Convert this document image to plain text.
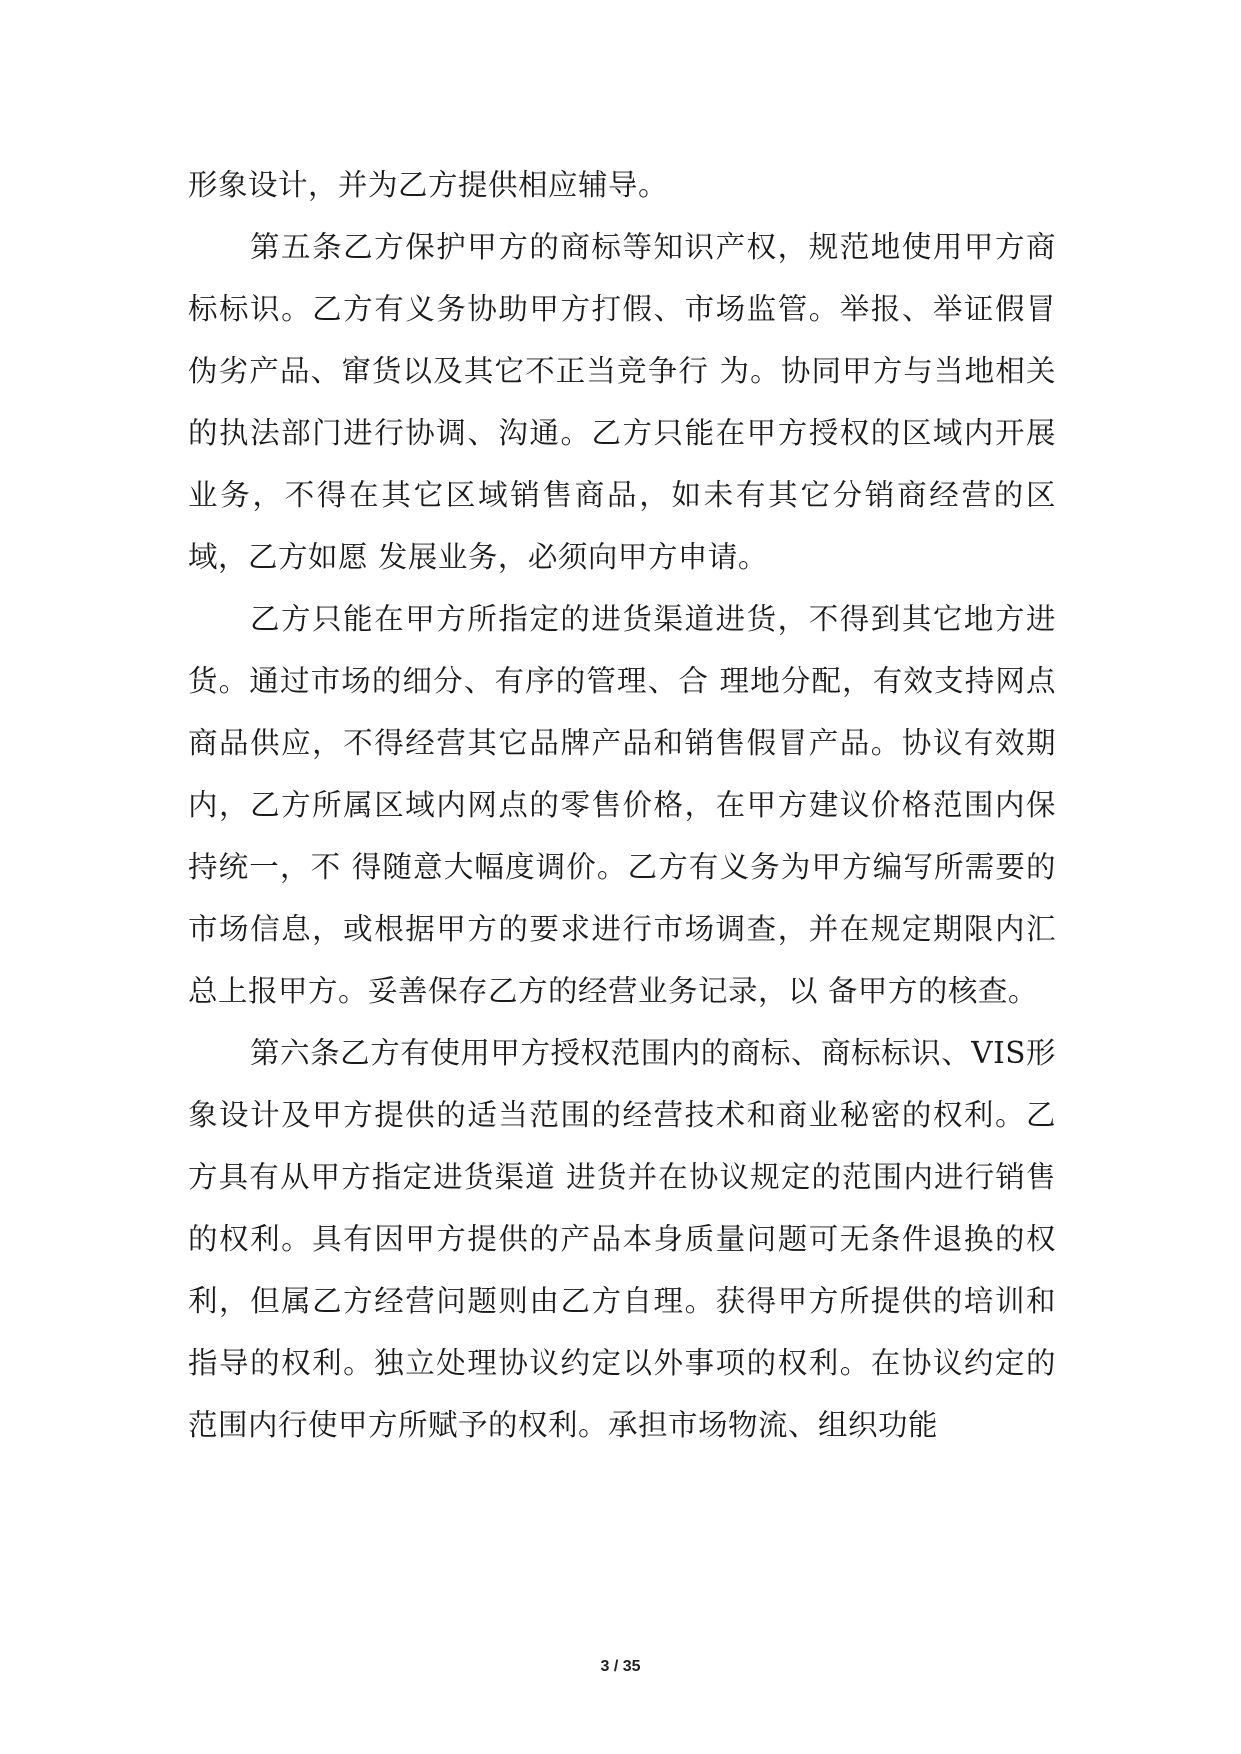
形象设计，并为乙方提供相应辅导。

第五条乙方保护甲方的商标等知识产权，规范地使用甲方商标标识。乙方有义务协助甲方打假、市场监管。举报、举证假冒伪劣产品、窜货以及其它不正当竞争行 为。协同甲方与当地相关的执法部门进行协调、沟通。乙方只能在甲方授权的区域内开展业务，不得在其它区域销售商品，如未有其它分销商经营的区域，乙方如愿 发展业务，必须向甲方申请。

乙方只能在甲方所指定的进货渠道进货，不得到其它地方进货。通过市场的细分、有序的管理、合 理地分配，有效支持网点商品供应，不得经营其它品牌产品和销售假冒产品。协议有效期内，乙方所属区域内网点的零售价格，在甲方建议价格范围内保持统一，不 得随意大幅度调价。乙方有义务为甲方编写所需要的市场信息，或根据甲方的要求进行市场调查，并在规定期限内汇总上报甲方。妥善保存乙方的经营业务记录，以 备甲方的核查。

第六条乙方有使用甲方授权范围内的商标、商标标识、VIS形象设计及甲方提供的适当范围的经营技术和商业秘密的权利。乙方具有从甲方指定进货渠道 进货并在协议规定的范围内进行销售的权利。具有因甲方提供的产品本身质量问题可无条件退换的权利，但属乙方经营问题则由乙方自理。获得甲方所提供的培训和 指导的权利。独立处理协议约定以外事项的权利。在协议约定的范围内行使甲方所赋予的权利。承担市场物流、组织功能

3 / 35
